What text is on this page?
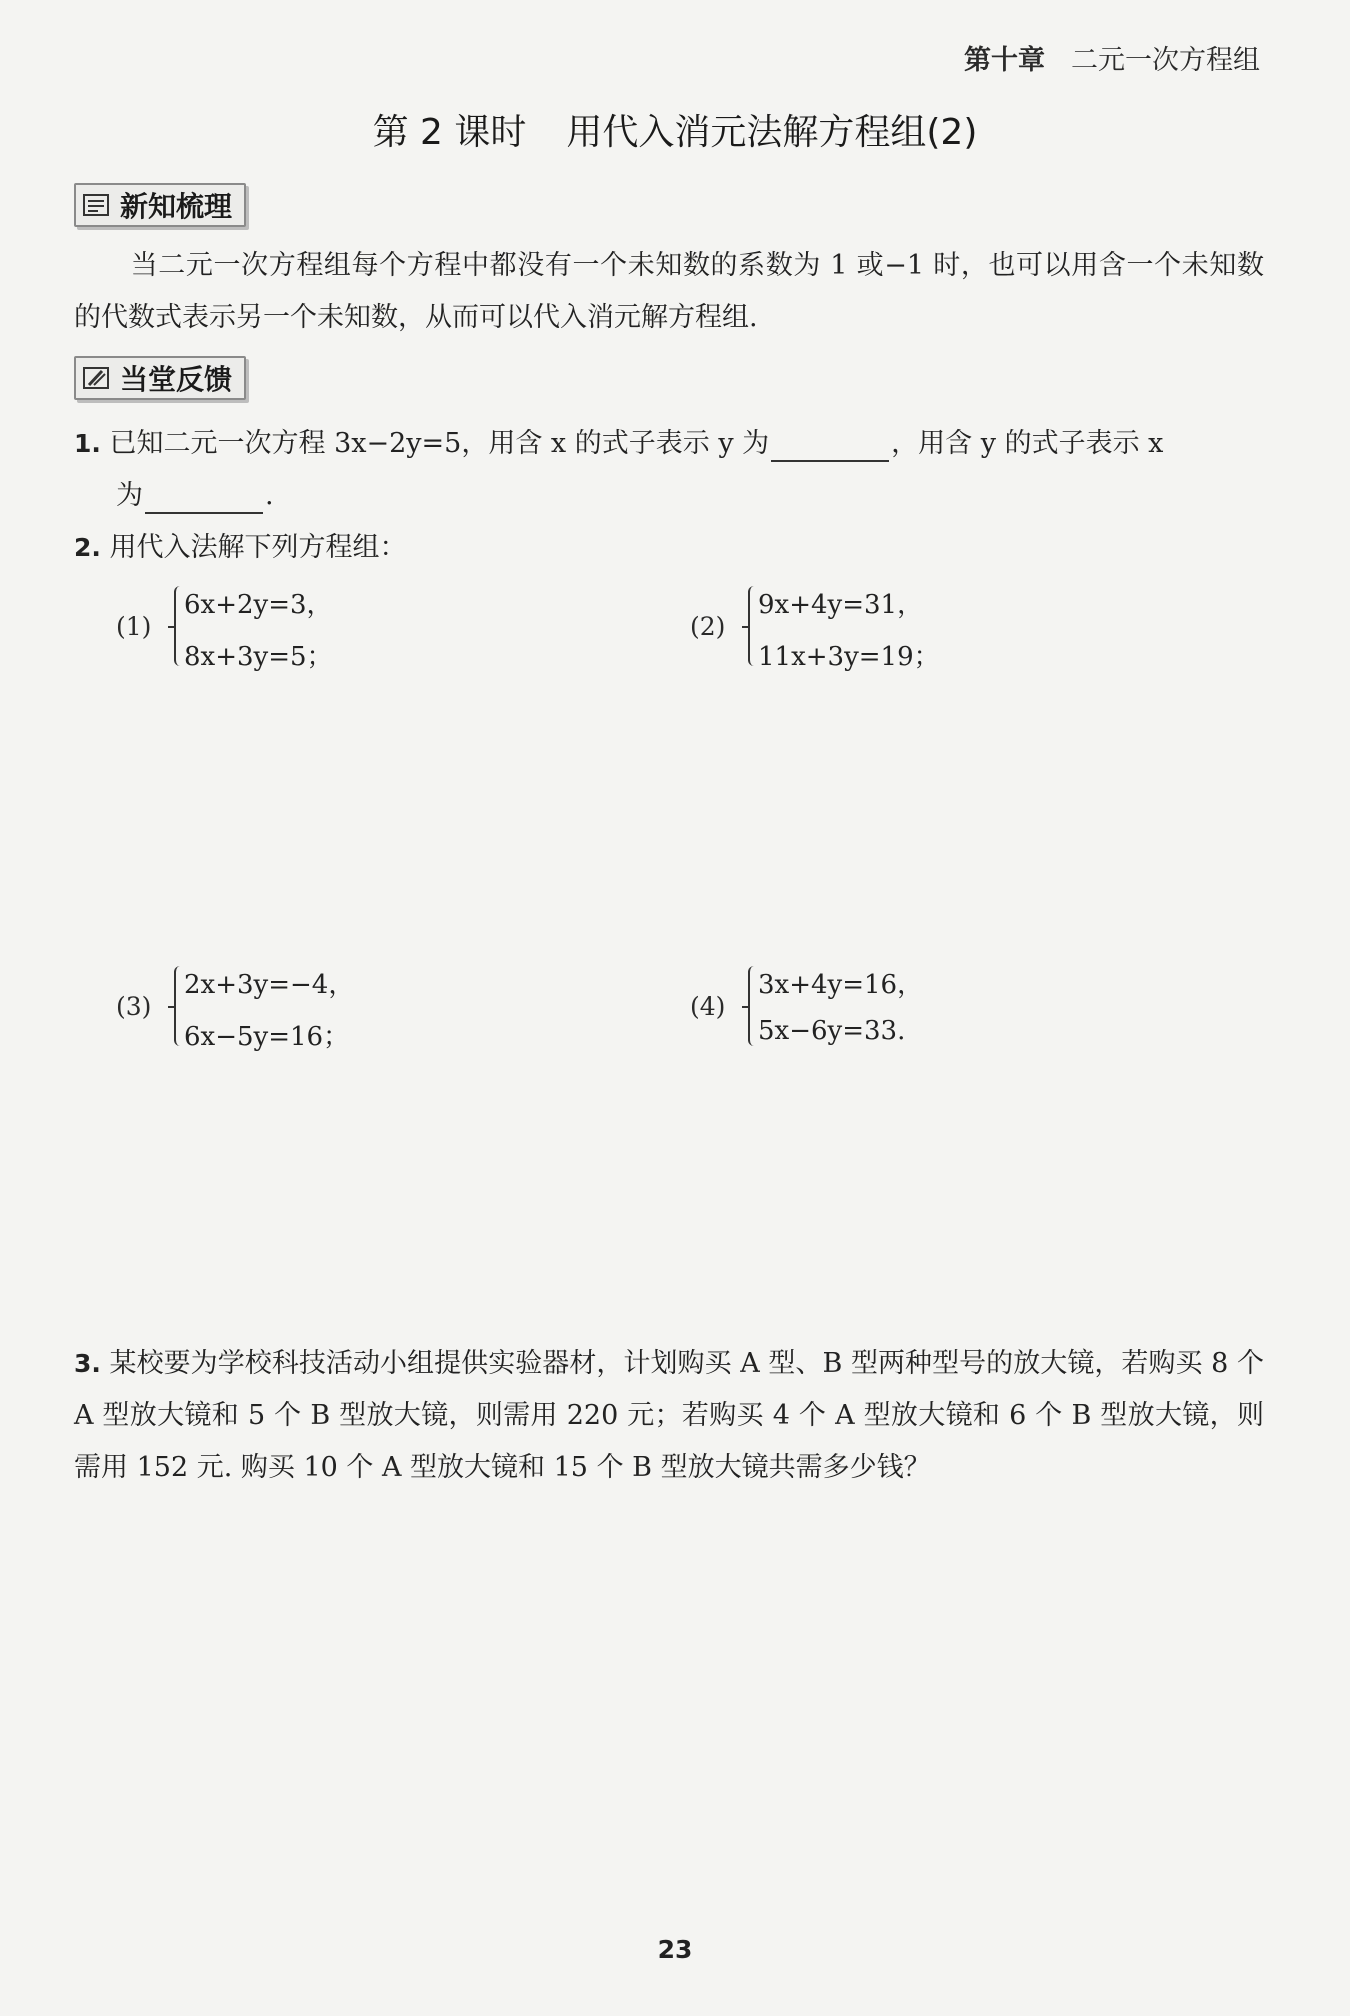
第十章 二元一次方程组
第 2 课时 用代入消元法解方程组(2)
新知梳理
当二元一次方程组每个方程中都没有一个未知数的系数为 1 或−1 时，也可以用含一个未知数的代数式表示另一个未知数，从而可以代入消元解方程组.
当堂反馈
1. 已知二元一次方程 3x−2y=5，用含 x 的式子表示 y 为	，用含 y 的式子表示 x
为	.
2. 用代入法解下列方程组：
(1)
6x+2y=3，
8x+3y=5；
(2)
9x+4y=31，
11x+3y=19；
(3)
2x+3y=−4，
6x−5y=16；
(4)
3x+4y=16，
5x−6y=33.
3. 某校要为学校科技活动小组提供实验器材，计划购买 A 型、B 型两种型号的放大镜，若购买 8 个 A 型放大镜和 5 个 B 型放大镜，则需用 220 元；若购买 4 个 A 型放大镜和 6 个 B 型放大镜，则需用 152 元. 购买 10 个 A 型放大镜和 15 个 B 型放大镜共需多少钱？
23
